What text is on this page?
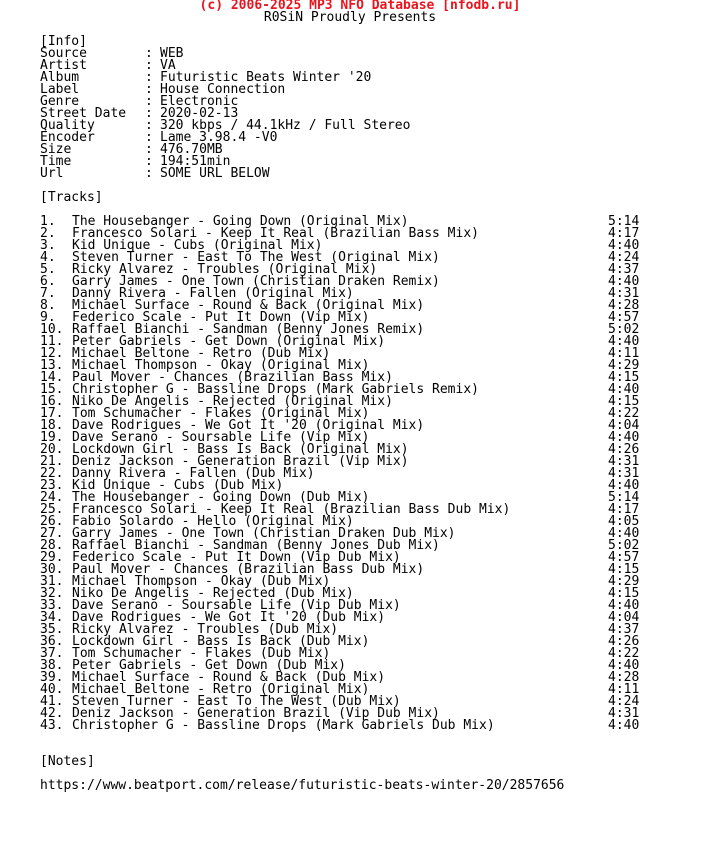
(c) 2006-2025 MP3 NFO Database [nfodb.ru]
R0SiN Proudly Presents
[Info]
Source	: WEB
Artist	: VA
Album	: Futuristic Beats Winter '20
Label	: House Connection
Genre	: Electronic
Street Date : 2020-02-13
Quality	: 320 kbps / 44.1kHz / Full Stereo
Encoder	: Lame 3.98.4 -V0
Size	: 476.70MB
Time	: 194:51min
Url	: SOME URL BELOW
[Tracks]
1. The Housebanger - Going Down (Original Mix)	5:14
2. Francesco Solari - Keep It Real (Brazilian Bass Mix)	4:17
3. Kid Unique - Cubs (Original Mix)	4:40
4. Steven Turner - East To The West (Original Mix)	4:24
5. Ricky Alvarez - Troubles (Original Mix)	4:37
6. Garry James - One Town (Christian Draken Remix)	4:40
7. Danny Rivera - Fallen (Original Mix)	4:31
8. Michael Surface - Round & Back (Original Mix)	4:28
9. Federico Scale - Put It Down (Vip Mix)	4:57
10. Raffael Bianchi - Sandman (Benny Jones Remix)	5:02
11. Peter Gabriels - Get Down (Original Mix)	4:40
12. Michael Beltone - Retro (Dub Mix)	4:11
13. Michael Thompson - Okay (Original Mix)	4:29
14. Paul Mover - Chances (Brazilian Bass Mix)	4:15
15. Christopher G - Bassline Drops (Mark Gabriels Remix)	4:40
16. Niko De Angelis - Rejected (Original Mix)	4:15
17. Tom Schumacher - Flakes (Original Mix)	4:22
18. Dave Rodrigues - We Got It '20 (Original Mix)	4:04
19. Dave Serano - Soursable Life (Vip Mix)	4:40
20. Lockdown Girl - Bass Is Back (Original Mix)	4:26
21. Deniz Jackson - Generation Brazil (Vip Mix)	4:31
22. Danny Rivera - Fallen (Dub Mix)	4:31
23. Kid Unique - Cubs (Dub Mix)	4:40
24. The Housebanger - Going Down (Dub Mix)	5:14
25. Francesco Solari - Keep It Real (Brazilian Bass Dub Mix)	4:17
26. Fabio Solardo - Hello (Original Mix)	4:05
27. Garry James - One Town (Christian Draken Dub Mix)	4:40
28. Raffael Bianchi - Sandman (Benny Jones Dub Mix)	5:02
29. Federico Scale - Put It Down (Vip Dub Mix)	4:57
30. Paul Mover - Chances (Brazilian Bass Dub Mix)	4:15
31. Michael Thompson - Okay (Dub Mix)	4:29
32. Niko De Angelis - Rejected (Dub Mix)	4:15
33. Dave Serano - Soursable Life (Vip Dub Mix)	4:40
34. Dave Rodrigues - We Got It '20 (Dub Mix)	4:04
35. Ricky Alvarez - Troubles (Dub Mix)	4:37
36. Lockdown Girl - Bass Is Back (Dub Mix)	4:26
37. Tom Schumacher - Flakes (Dub Mix)	4:22
38. Peter Gabriels - Get Down (Dub Mix)	4:40
39. Michael Surface - Round & Back (Dub Mix)	4:28
40. Michael Beltone - Retro (Original Mix)	4:11
41. Steven Turner - East To The West (Dub Mix)	4:24
42. Deniz Jackson - Generation Brazil (Vip Dub Mix)	4:31
43. Christopher G - Bassline Drops (Mark Gabriels Dub Mix)	4:40
[Notes]
https://www.beatport.com/release/futuristic-beats-winter-20/2857656
